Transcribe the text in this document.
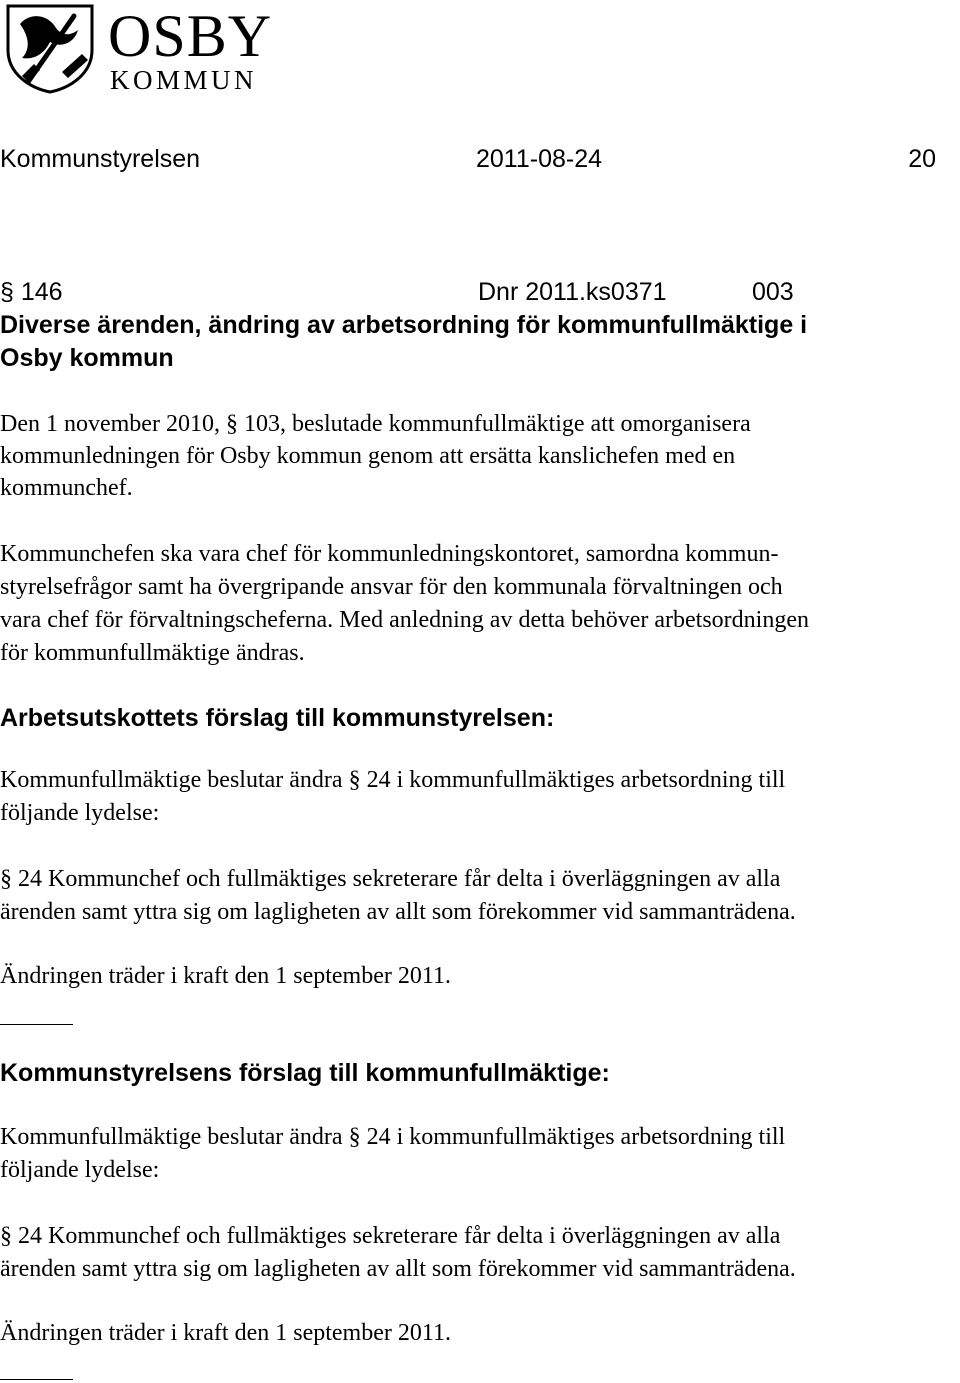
OSBY
KOMMUN
Kommunstyrelsen	2011-08-24	20
§ 146	Dnr 2011.ks0371	003
Diverse ärenden, ändring av arbetsordning för kommunfullmäktige i
Osby kommun
Den 1 november 2010, § 103, beslutade kommunfullmäktige att omorganisera
kommunledningen för Osby kommun genom att ersätta kanslichefen med en
kommunchef.
Kommunchefen ska vara chef för kommunledningskontoret, samordna kommun-
styrelsefrågor samt ha övergripande ansvar för den kommunala förvaltningen och
vara chef för förvaltningscheferna. Med anledning av detta behöver arbetsordningen
för kommunfullmäktige ändras.
Arbetsutskottets förslag till kommunstyrelsen:
Kommunfullmäktige beslutar ändra § 24 i kommunfullmäktiges arbetsordning till
följande lydelse:
§ 24 Kommunchef och fullmäktiges sekreterare får delta i överläggningen av alla
ärenden samt yttra sig om lagligheten av allt som förekommer vid sammanträdena.
Ändringen träder i kraft den 1 september 2011.
Kommunstyrelsens förslag till kommunfullmäktige:
Kommunfullmäktige beslutar ändra § 24 i kommunfullmäktiges arbetsordning till
följande lydelse:
§ 24 Kommunchef och fullmäktiges sekreterare får delta i överläggningen av alla
ärenden samt yttra sig om lagligheten av allt som förekommer vid sammanträdena.
Ändringen träder i kraft den 1 september 2011.
